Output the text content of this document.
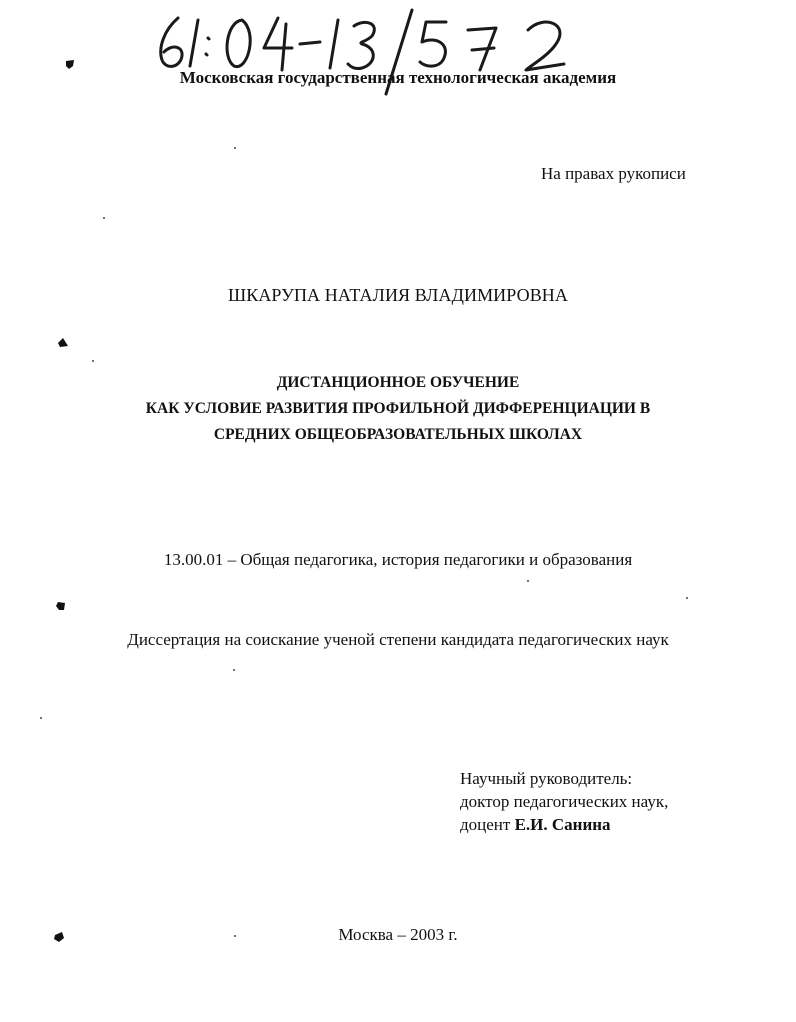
Московская государственная технологическая академия
На правах рукописи
ШКАРУПА НАТАЛИЯ ВЛАДИМИРОВНА
ДИСТАНЦИОННОЕ ОБУЧЕНИЕ
КАК УСЛОВИЕ РАЗВИТИЯ ПРОФИЛЬНОЙ ДИФФЕРЕНЦИАЦИИ В
СРЕДНИХ ОБЩЕОБРАЗОВАТЕЛЬНЫХ ШКОЛАХ
13.00.01 – Общая педагогика, история педагогики и образования
Диссертация на соискание ученой степени кандидата педагогических наук
Научный руководитель:
доктор педагогических наук,
доцент Е.И. Санина
Москва – 2003 г.
